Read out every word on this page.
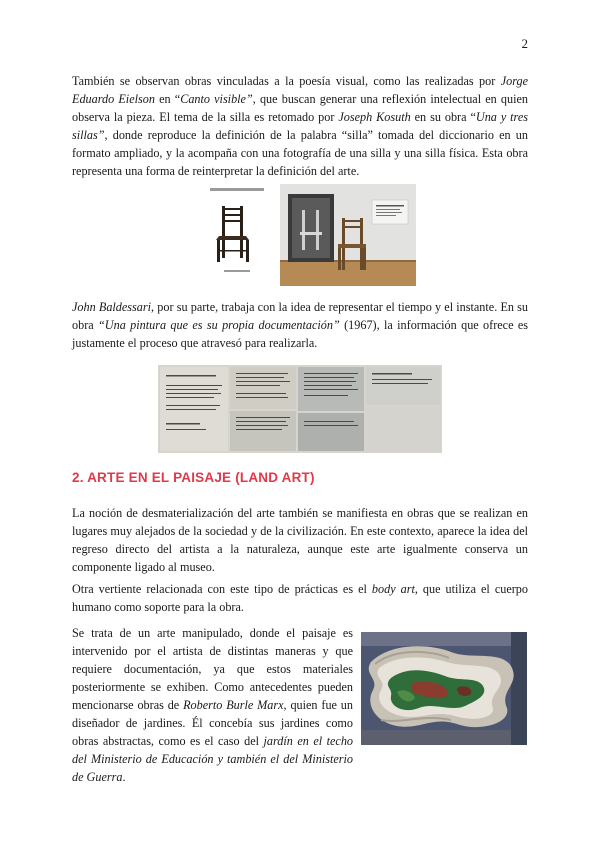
2

También se observan obras vinculadas a la poesía visual, como las realizadas por Jorge Eduardo Eielson en “Canto visible”, que buscan generar una reflexión intelectual en quien observa la pieza. El tema de la silla es retomado por Joseph Kosuth en su obra “Una y tres sillas”, donde reproduce la definición de la palabra “silla” tomada del diccionario en un formato ampliado, y la acompaña con una fotografía de una silla y una silla física. Esta obra representa una forma de reinterpretar la definición del arte.

John Baldessari, por su parte, trabaja con la idea de representar el tiempo y el instante. En su obra “Una pintura que es su propia documentación” (1967), la información que ofrece es justamente el proceso que atravesó para realizarla.

2. ARTE EN EL PAISAJE (LAND ART)

La noción de desmaterialización del arte también se manifiesta en obras que se realizan en lugares muy alejados de la sociedad y de la civilización. En este contexto, aparece la idea del regreso directo del artista a la naturaleza, aunque este arte igualmente conserva un componente ligado al museo.

Otra vertiente relacionada con este tipo de prácticas es el body art, que utiliza el cuerpo humano como soporte para la obra.

Se trata de un arte manipulado, donde el paisaje es intervenido por el artista de distintas maneras y que requiere documentación, ya que estos materiales posteriormente se exhiben. Como antecedentes pueden mencionarse obras de Roberto Burle Marx, quien fue un diseñador de jardines. Él concebía sus jardines como obras abstractas, como es el caso del jardín en el techo del Ministerio de Educación y también el del Ministerio de Guerra.
